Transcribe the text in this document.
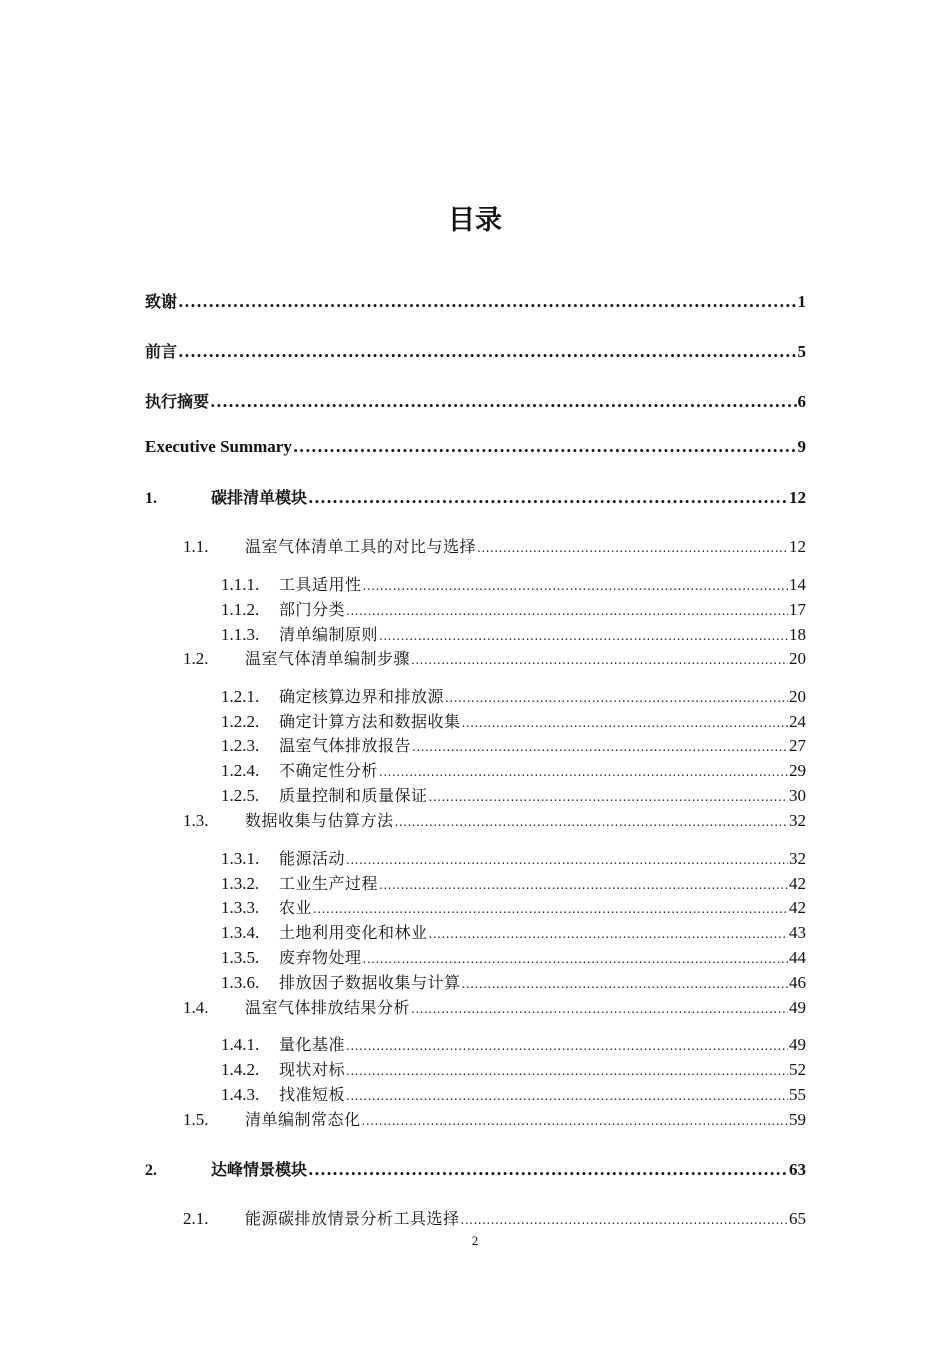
目录
致谢 .....	1
前言 .....	5
执行摘要 .....	6
Executive Summary .....	9
1.	碳排清单模块 .....	12
1.1.	温室气体清单工具的对比与选择 .....	12
1.1.1.	工具适用性 .....	14
1.1.2.	部门分类 .....	17
1.1.3.	清单编制原则 .....	18
1.2.	温室气体清单编制步骤 .....	20
1.2.1.	确定核算边界和排放源 .....	20
1.2.2.	确定计算方法和数据收集 .....	24
1.2.3.	温室气体排放报告 .....	27
1.2.4.	不确定性分析 .....	29
1.2.5.	质量控制和质量保证 .....	30
1.3.	数据收集与估算方法 .....	32
1.3.1.	能源活动 .....	32
1.3.2.	工业生产过程 .....	42
1.3.3.	农业 .....	42
1.3.4.	土地利用变化和林业 .....	43
1.3.5.	废弃物处理 .....	44
1.3.6.	排放因子数据收集与计算 .....	46
1.4.	温室气体排放结果分析 .....	49
1.4.1.	量化基准 .....	49
1.4.2.	现状对标 .....	52
1.4.3.	找准短板 .....	55
1.5.	清单编制常态化 .....	59
2.	达峰情景模块 .....	63
2.1.	能源碳排放情景分析工具选择 .....	65
2
